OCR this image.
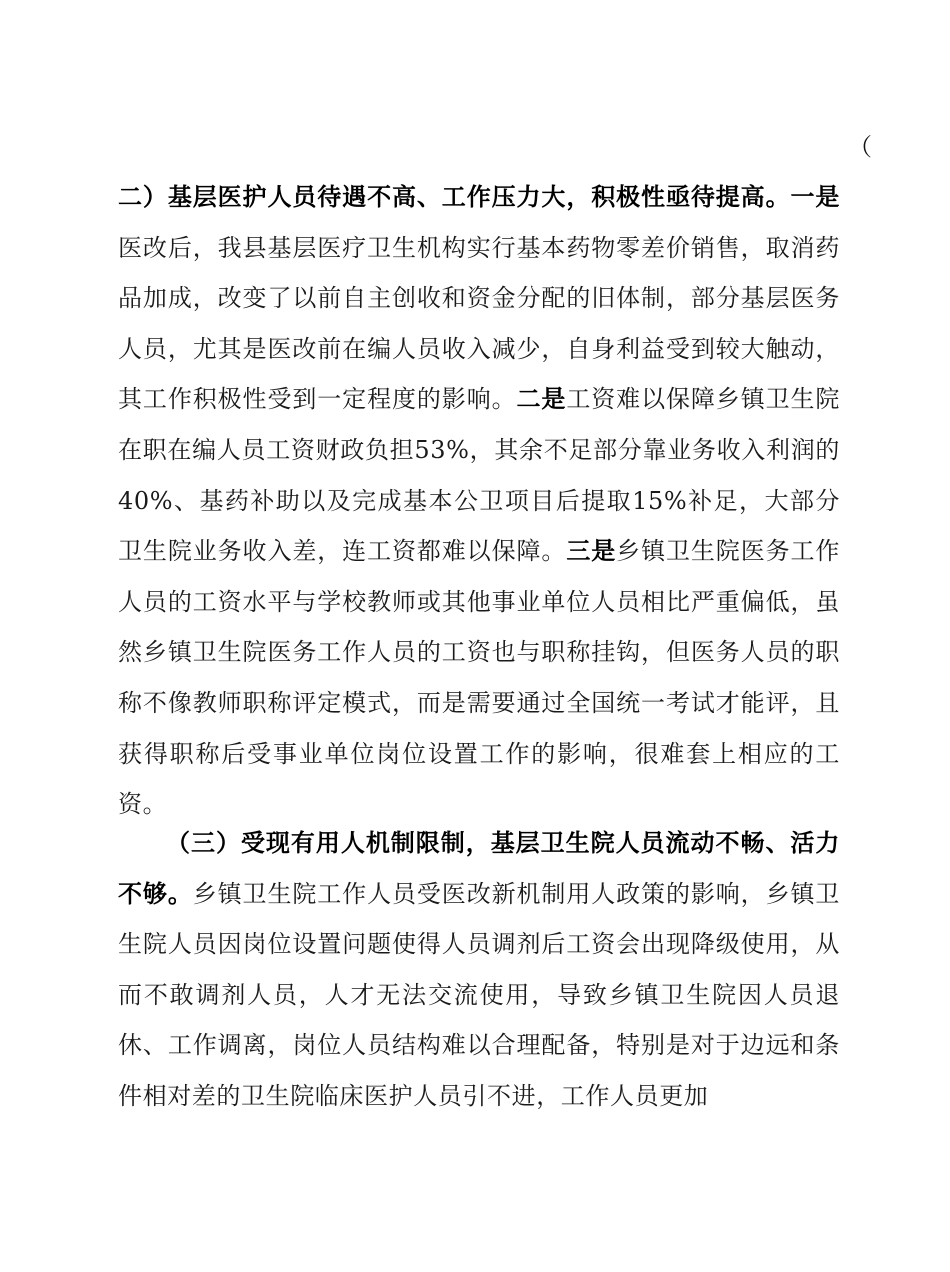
（

二）基层医护人员待遇不高、工作压力大，积极性亟待提高。一是医改后，我县基层医疗卫生机构实行基本药物零差价销售，取消药品加成，改变了以前自主创收和资金分配的旧体制，部分基层医务人员，尤其是医改前在编人员收入减少，自身利益受到较大触动，其工作积极性受到一定程度的影响。二是工资难以保障乡镇卫生院在职在编人员工资财政负担53%，其余不足部分靠业务收入利润的40%、基药补助以及完成基本公卫项目后提取15%补足，大部分卫生院业务收入差，连工资都难以保障。三是乡镇卫生院医务工作人员的工资水平与学校教师或其他事业单位人员相比严重偏低，虽然乡镇卫生院医务工作人员的工资也与职称挂钩，但医务人员的职称不像教师职称评定模式，而是需要通过全国统一考试才能评，且获得职称后受事业单位岗位设置工作的影响，很难套上相应的工资。

（三）受现有用人机制限制，基层卫生院人员流动不畅、活力不够。乡镇卫生院工作人员受医改新机制用人政策的影响，乡镇卫生院人员因岗位设置问题使得人员调剂后工资会出现降级使用，从而不敢调剂人员，人才无法交流使用，导致乡镇卫生院因人员退休、工作调离，岗位人员结构难以合理配备，特别是对于边远和条件相对差的卫生院临床医护人员引不进，工作人员更加
